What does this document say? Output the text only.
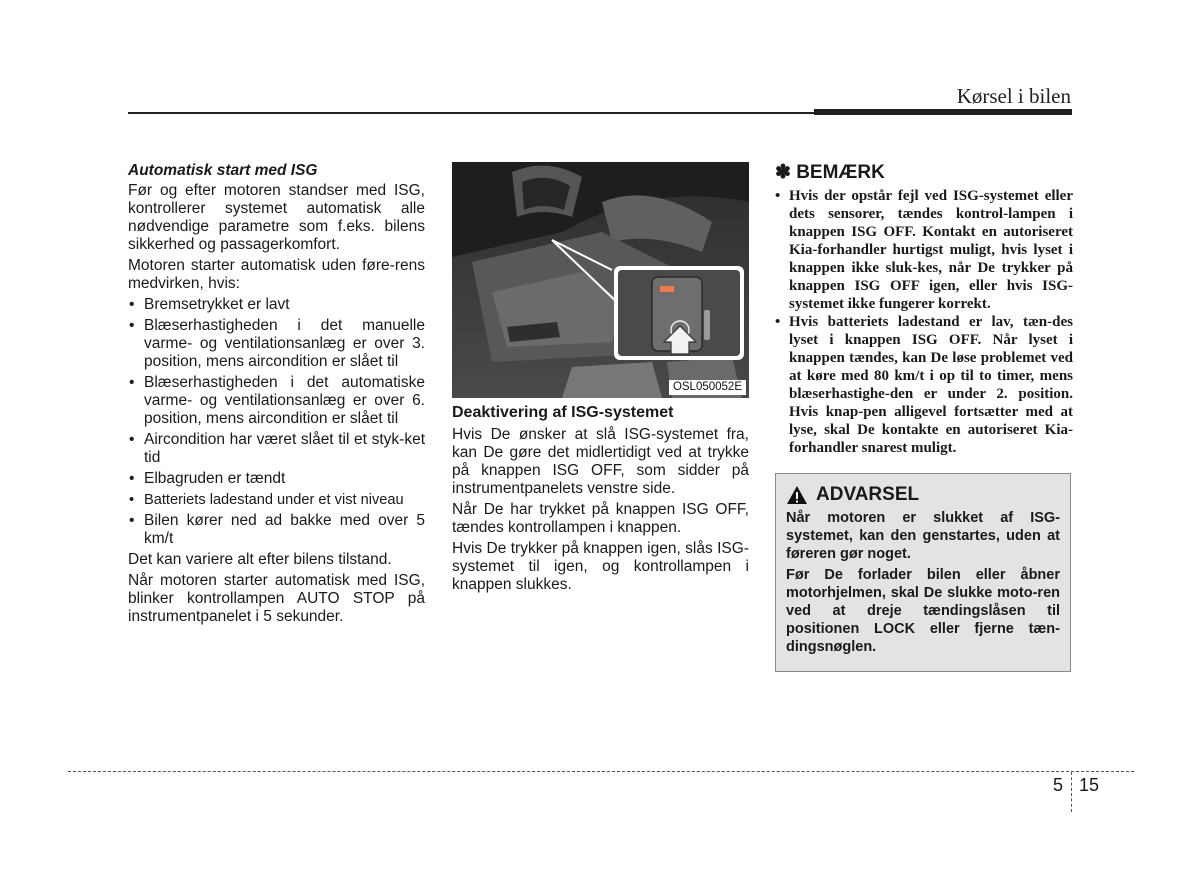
Kørsel i bilen

Automatisk start med ISG

Før og efter motoren standser med ISG, kontrollerer systemet automatisk alle nødvendige parametre som f.eks. bilens sikkerhed og passagerkomfort.

Motoren starter automatisk uden føre-rens medvirken, hvis:

• Bremsetrykket er lavt
• Blæserhastigheden i det manuelle varme- og ventilationsanlæg er over 3. position, mens aircondition er slået til
• Blæserhastigheden i det automatiske varme- og ventilationsanlæg er over 6. position, mens aircondition er slået til
• Aircondition har været slået til et styk-ket tid
• Elbagruden er tændt
• Batteriets ladestand under et vist niveau
• Bilen kører ned ad bakke med over 5 km/t

Det kan variere alt efter bilens tilstand.

Når motoren starter automatisk med ISG, blinker kontrollampen AUTO STOP på instrumentpanelet i 5 sekunder.

OFF
OSL050052E

Deaktivering af ISG-systemet

Hvis De ønsker at slå ISG-systemet fra, kan De gøre det midlertidigt ved at trykke på knappen ISG OFF, som sidder på instrumentpanelets venstre side.

Når De har trykket på knappen ISG OFF, tændes kontrollampen i knappen.

Hvis De trykker på knappen igen, slås ISG-systemet til igen, og kontrollampen i knappen slukkes.

✽ BEMÆRK
• Hvis der opstår fejl ved ISG-systemet eller dets sensorer, tændes kontrol-lampen i knappen ISG OFF. Kontakt en autoriseret Kia-forhandler hurtigst muligt, hvis lyset i knappen ikke sluk-kes, når De trykker på knappen ISG OFF igen, eller hvis ISG-systemet ikke fungerer korrekt.
• Hvis batteriets ladestand er lav, tæn-des lyset i knappen ISG OFF. Når lyset i knappen tændes, kan De løse problemet ved at køre med 80 km/t i op til to timer, mens blæserhastighe-den er under 2. position. Hvis knap-pen alligevel fortsætter med at lyse, skal De kontakte en autoriseret Kia-forhandler snarest muligt.
ADVARSEL

Når motoren er slukket af ISG-systemet, kan den genstartes, uden at føreren gør noget.

Før De forlader bilen eller åbner motorhjelmen, skal De slukke moto-ren ved at dreje tændingslåsen til positionen LOCK eller fjerne tæn-dingsnøglen.

5 15
